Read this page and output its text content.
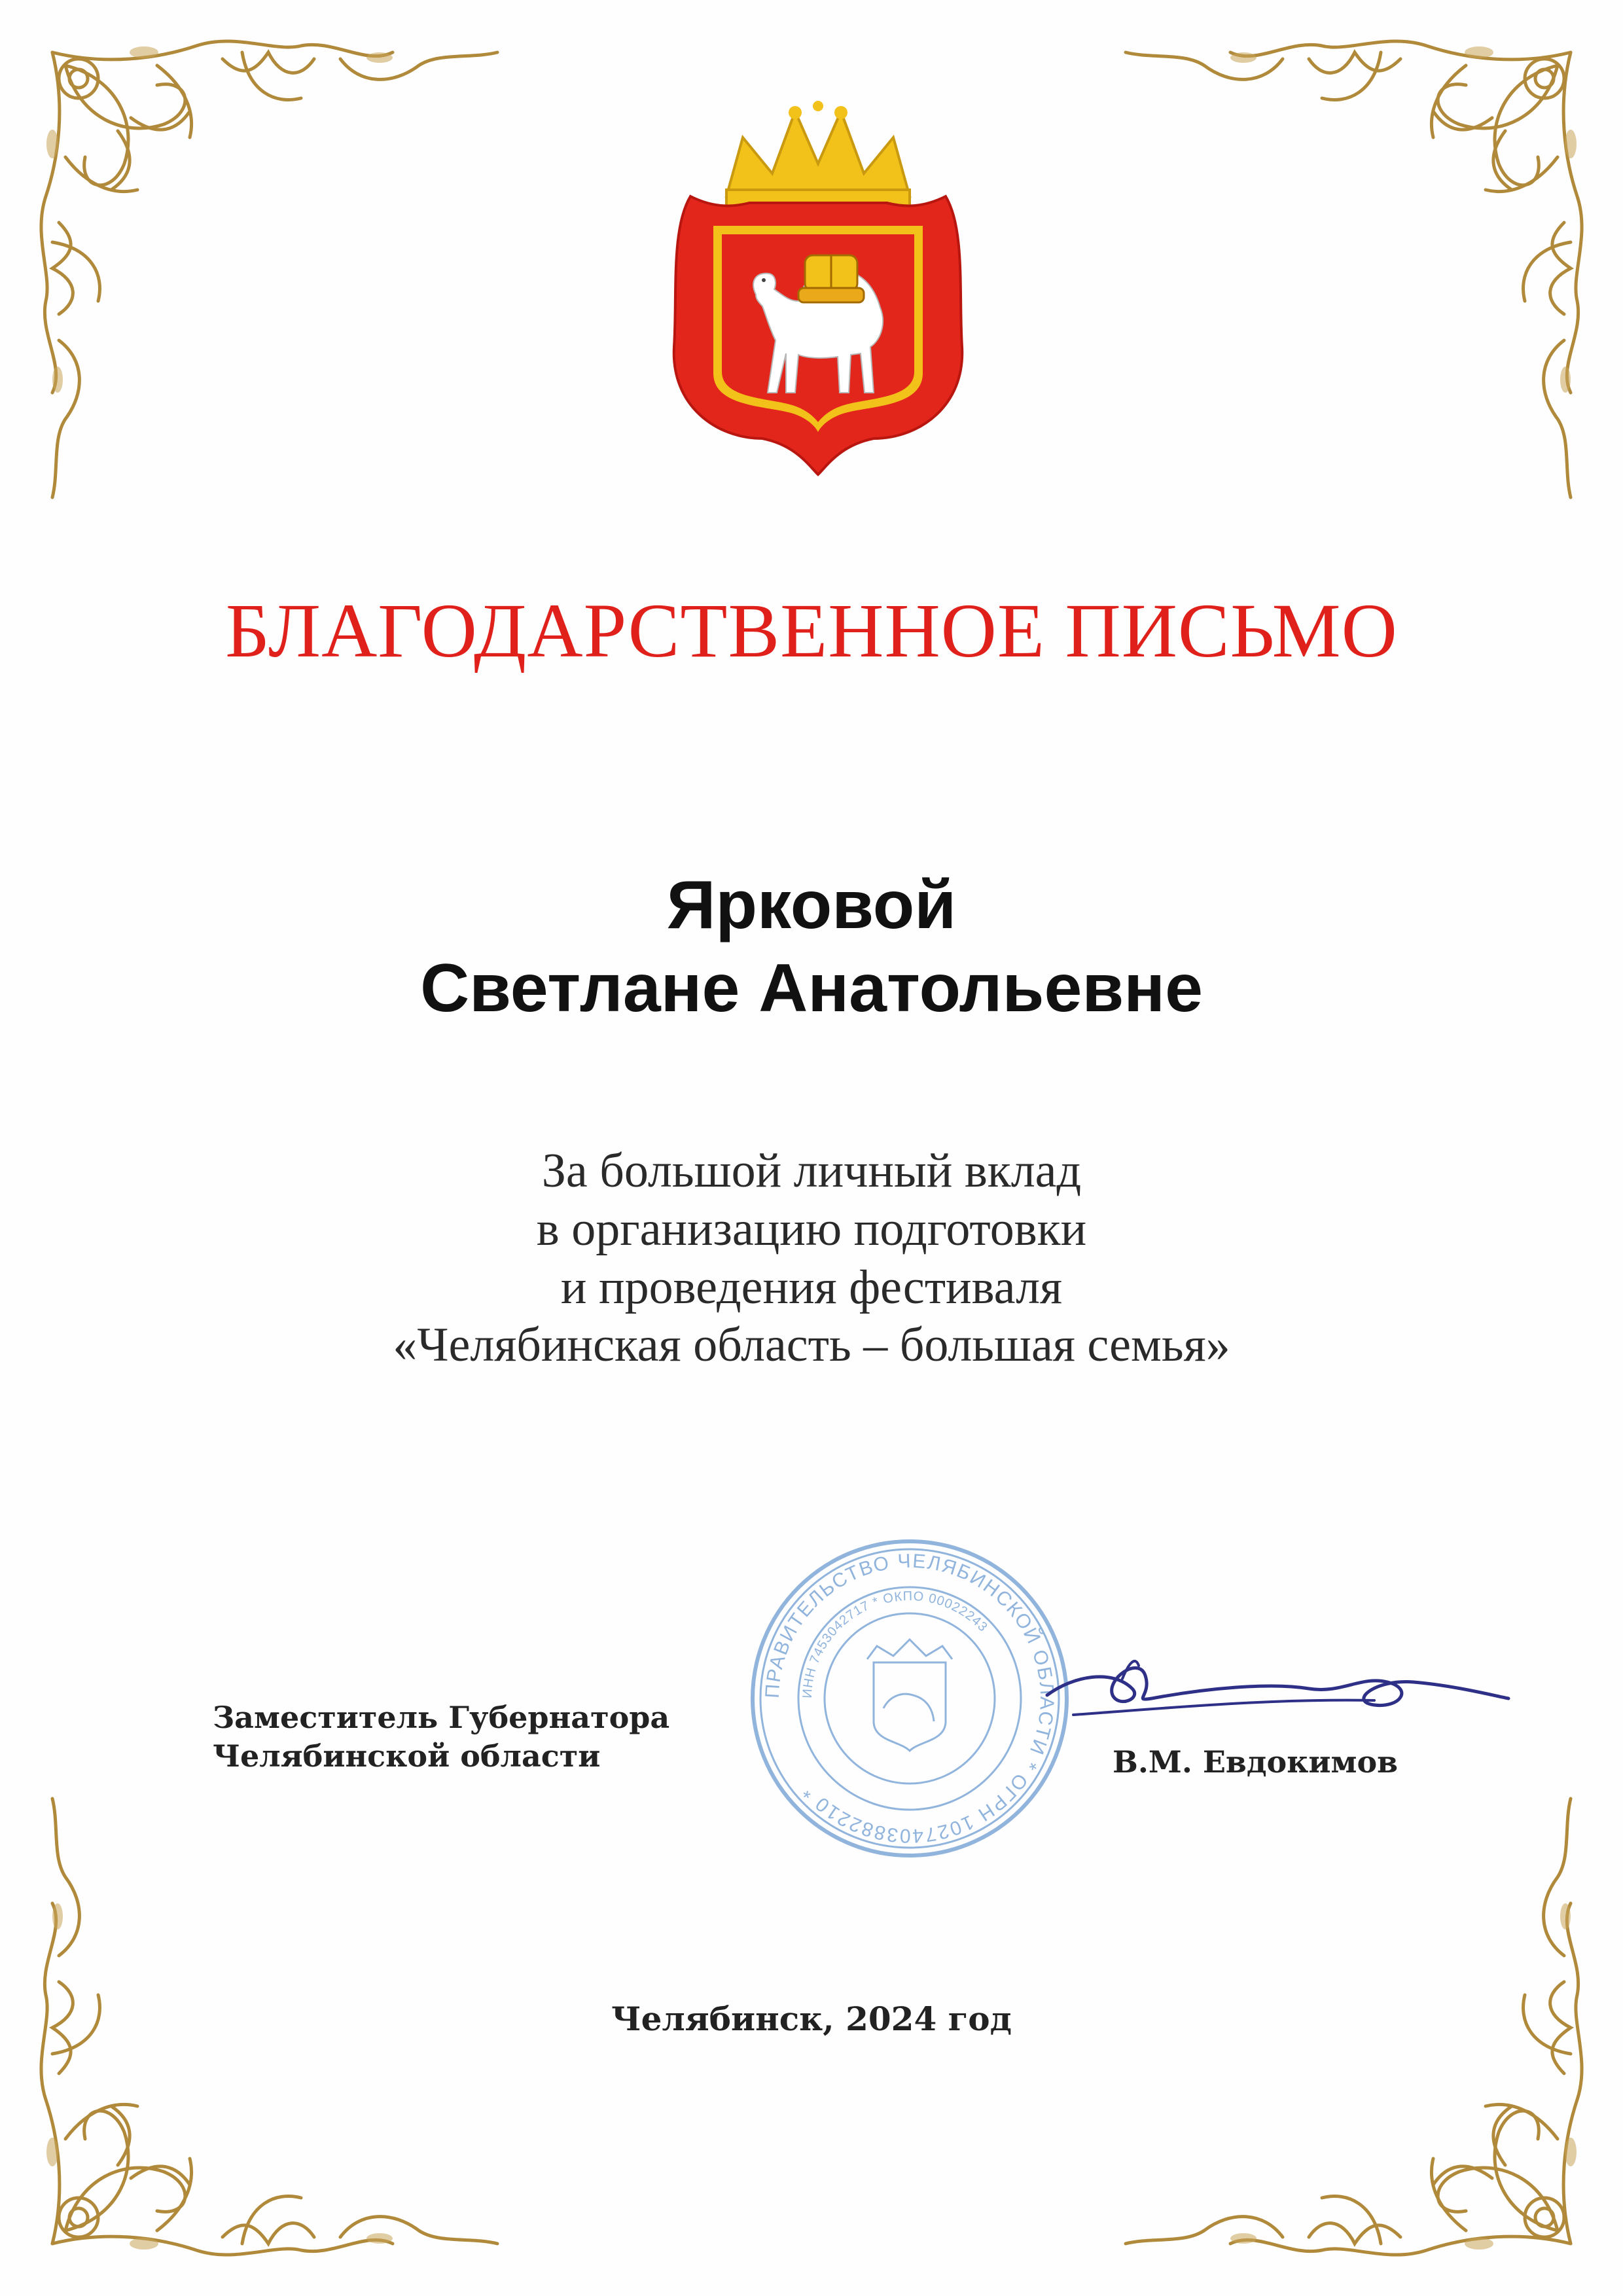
БЛАГОДАРСТВЕННОЕ ПИСЬМО
Ярковой
Светлане Анатольевне
За большой личный вклад
в организацию подготовки
и проведения фестиваля
«Челябинская область – большая семья»
ПРАВИТЕЛЬСТВО ЧЕЛЯБИНСКОЙ ОБЛАСТИ * ОГРН 1027403882210 *
ИНН 7453042717 * ОКПО 00022243
Заместитель Губернатора
Челябинской области	В.М. Евдокимов
Челябинск, 2024 год
